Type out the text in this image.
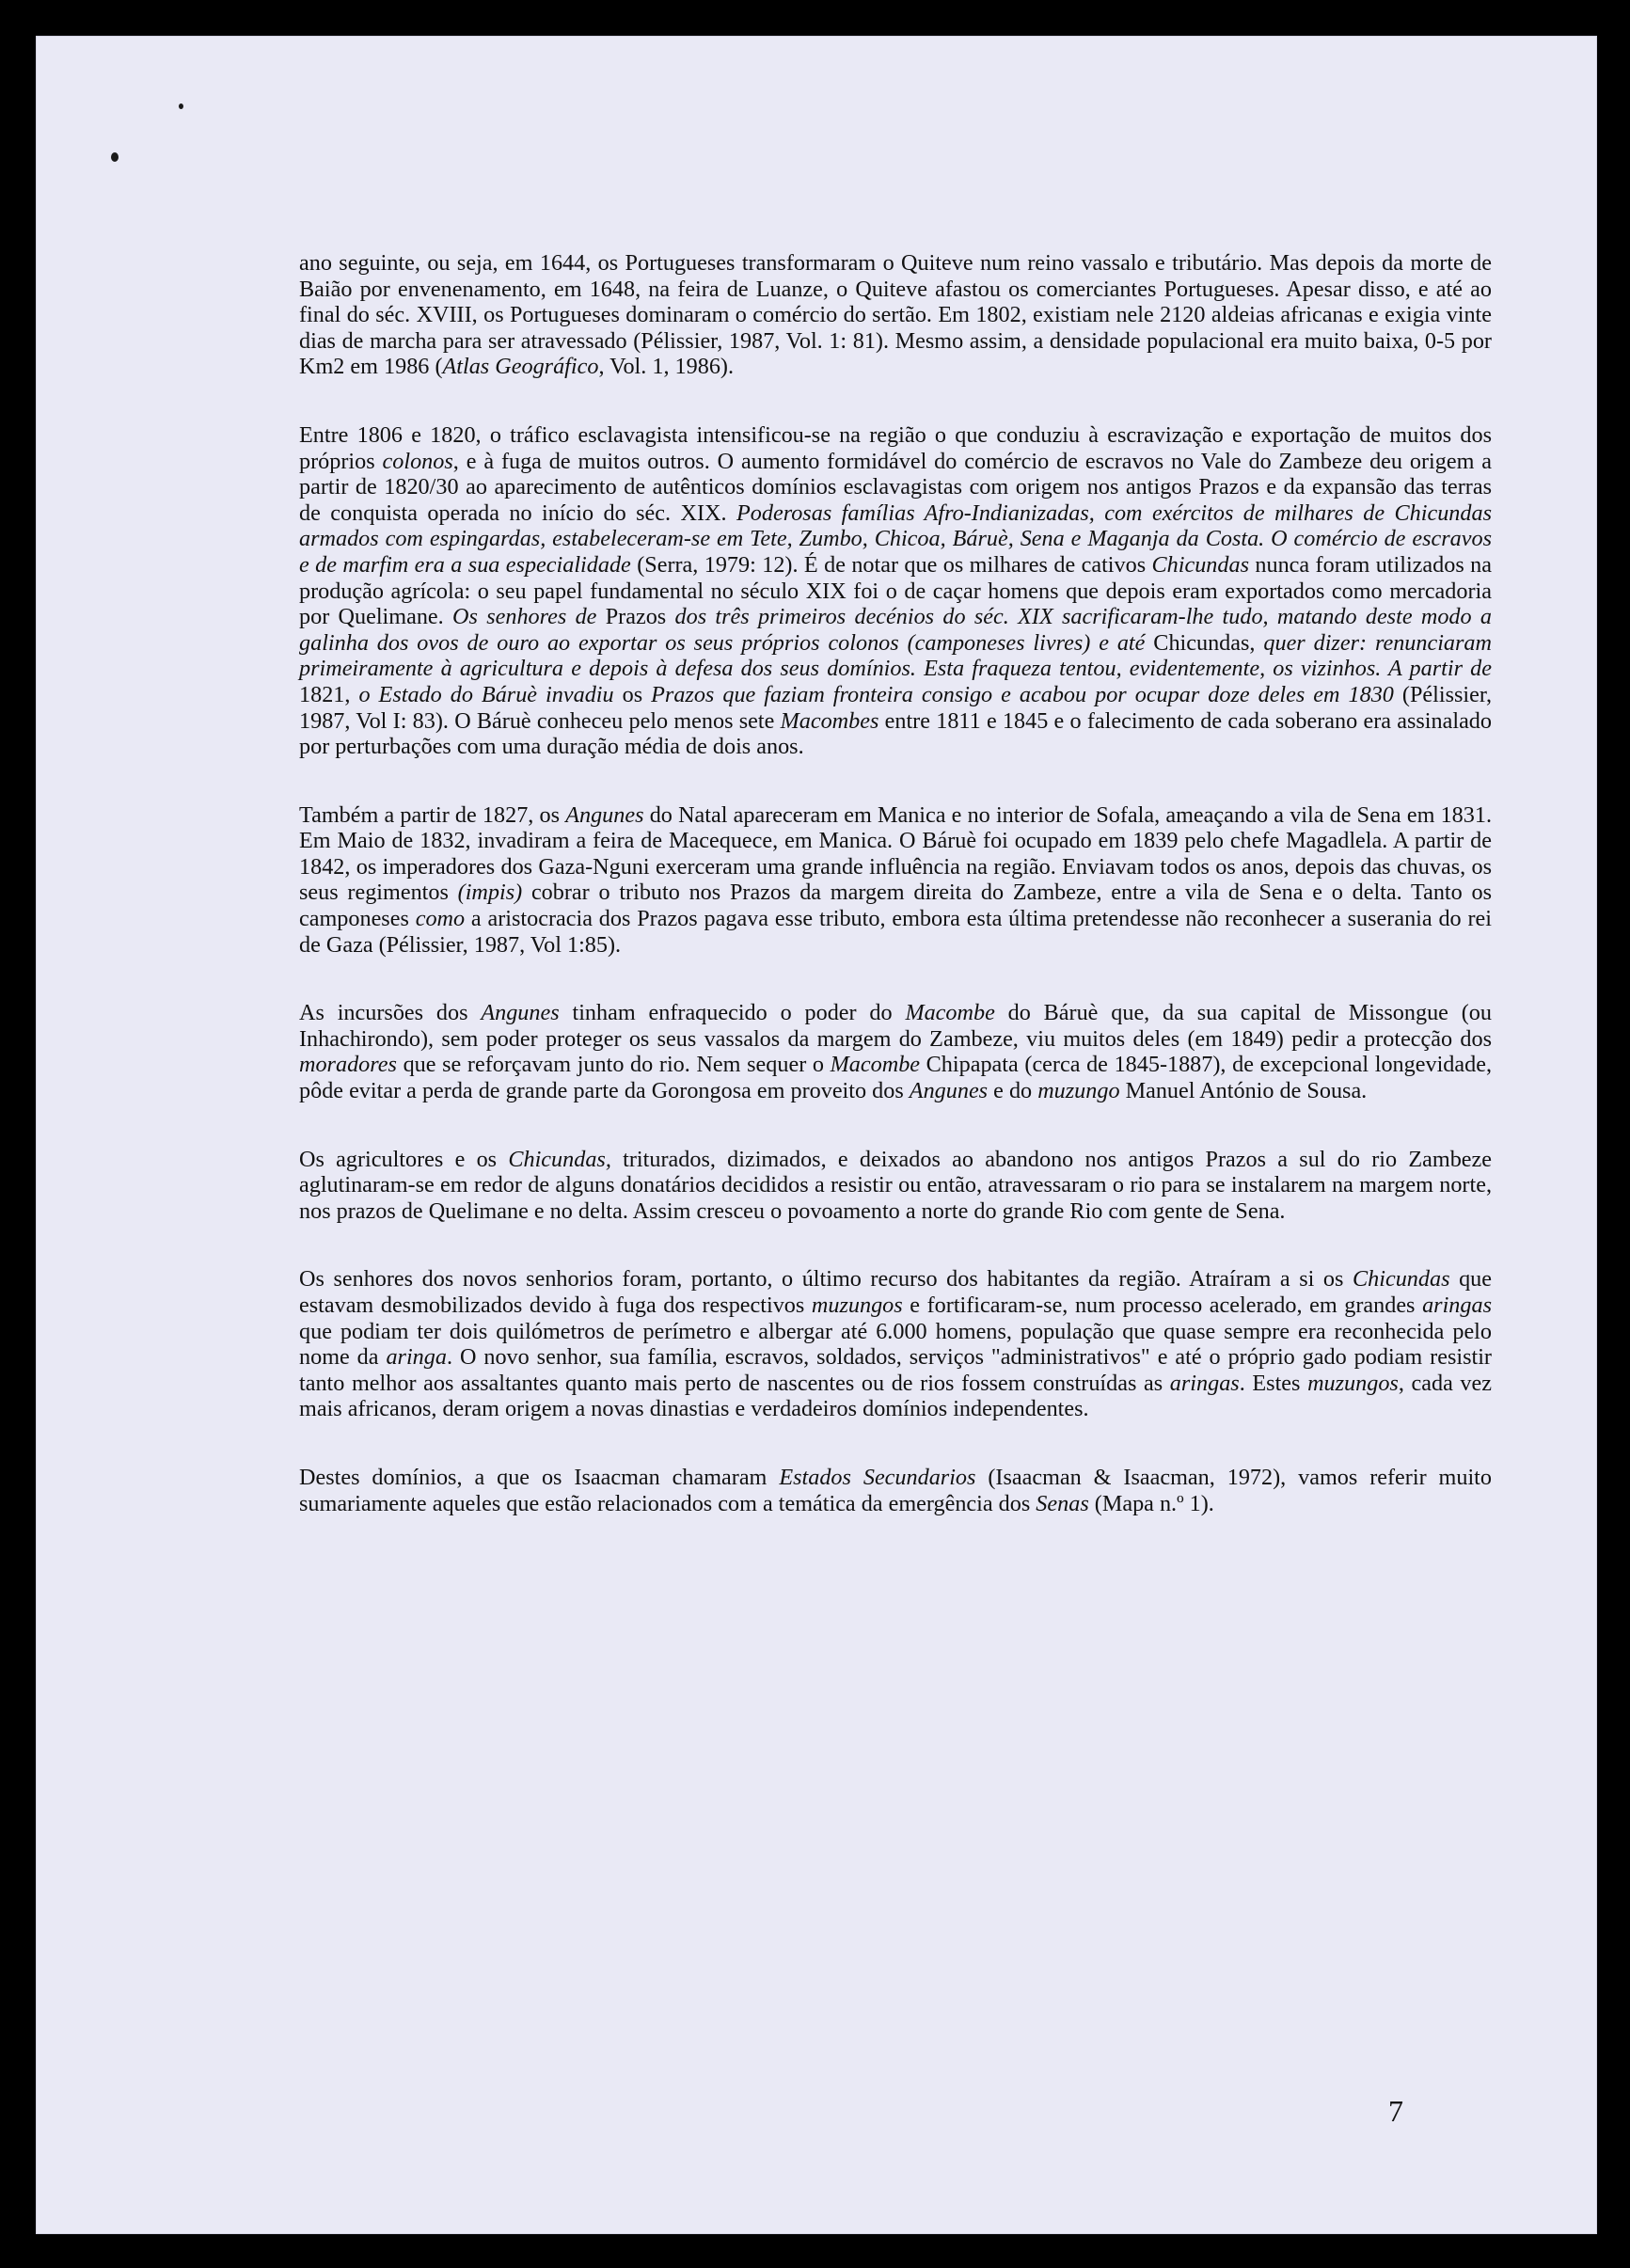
ano seguinte, ou seja, em 1644, os Portugueses transformaram o Quiteve num reino vassalo e tributário. Mas depois da morte de Baião por envenenamento, em 1648, na feira de Luanze, o Quiteve afastou os comerciantes Portugueses. Apesar disso, e até ao final do séc. XVIII, os Portugueses dominaram o comércio do sertão. Em 1802, existiam nele 2120 aldeias africanas e exigia vinte dias de marcha para ser atravessado (Pélissier, 1987, Vol. 1: 81). Mesmo assim, a densidade populacional era muito baixa, 0-5 por Km2 em 1986 (Atlas Geográfico, Vol. 1, 1986).

Entre 1806 e 1820, o tráfico esclavagista intensificou-se na região o que conduziu à escravização e exportação de muitos dos próprios colonos, e à fuga de muitos outros. O aumento formidável do comércio de escravos no Vale do Zambeze deu origem a partir de 1820/30 ao aparecimento de autênticos domínios esclavagistas com origem nos antigos Prazos e da expansão das terras de conquista operada no início do séc. XIX. Poderosas famílias Afro-Indianizadas, com exércitos de milhares de Chicundas armados com espingardas, estabeleceram-se em Tete, Zumbo, Chicoa, Báruè, Sena e Maganja da Costa. O comércio de escravos e de marfim era a sua especialidade (Serra, 1979: 12). É de notar que os milhares de cativos Chicundas nunca foram utilizados na produção agrícola: o seu papel fundamental no século XIX foi o de caçar homens que depois eram exportados como mercadoria por Quelimane. Os senhores de Prazos dos três primeiros decénios do séc. XIX sacrificaram-lhe tudo, matando deste modo a galinha dos ovos de ouro ao exportar os seus próprios colonos (camponeses livres) e até Chicundas, quer dizer: renunciaram primeiramente à agricultura e depois à defesa dos seus domínios. Esta fraqueza tentou, evidentemente, os vizinhos. A partir de 1821, o Estado do Báruè invadiu os Prazos que faziam fronteira consigo e acabou por ocupar doze deles em 1830 (Pélissier, 1987, Vol I: 83). O Báruè conheceu pelo menos sete Macombes entre 1811 e 1845 e o falecimento de cada soberano era assinalado por perturbações com uma duração média de dois anos.

Também a partir de 1827, os Angunes do Natal apareceram em Manica e no interior de Sofala, ameaçando a vila de Sena em 1831. Em Maio de 1832, invadiram a feira de Macequece, em Manica. O Báruè foi ocupado em 1839 pelo chefe Magadlela. A partir de 1842, os imperadores dos Gaza-Nguni exerceram uma grande influência na região. Enviavam todos os anos, depois das chuvas, os seus regimentos (impis) cobrar o tributo nos Prazos da margem direita do Zambeze, entre a vila de Sena e o delta. Tanto os camponeses como a aristocracia dos Prazos pagava esse tributo, embora esta última pretendesse não reconhecer a suserania do rei de Gaza (Pélissier, 1987, Vol 1:85).

As incursões dos Angunes tinham enfraquecido o poder do Macombe do Báruè que, da sua capital de Missongue (ou Inhachirondo), sem poder proteger os seus vassalos da margem do Zambeze, viu muitos deles (em 1849) pedir a protecção dos moradores que se reforçavam junto do rio. Nem sequer o Macombe Chipapata (cerca de 1845-1887), de excepcional longevidade, pôde evitar a perda de grande parte da Gorongosa em proveito dos Angunes e do muzungo Manuel António de Sousa.

Os agricultores e os Chicundas, triturados, dizimados, e deixados ao abandono nos antigos Prazos a sul do rio Zambeze aglutinaram-se em redor de alguns donatários decididos a resistir ou então, atravessaram o rio para se instalarem na margem norte, nos prazos de Quelimane e no delta. Assim cresceu o povoamento a norte do grande Rio com gente de Sena.

Os senhores dos novos senhorios foram, portanto, o último recurso dos habitantes da região. Atraíram a si os Chicundas que estavam desmobilizados devido à fuga dos respectivos muzungos e fortificaram-se, num processo acelerado, em grandes aringas que podiam ter dois quilómetros de perímetro e albergar até 6.000 homens, população que quase sempre era reconhecida pelo nome da aringa. O novo senhor, sua família, escravos, soldados, serviços "administrativos" e até o próprio gado podiam resistir tanto melhor aos assaltantes quanto mais perto de nascentes ou de rios fossem construídas as aringas. Estes muzungos, cada vez mais africanos, deram origem a novas dinastias e verdadeiros domínios independentes.

Destes domínios, a que os Isaacman chamaram Estados Secundarios (Isaacman & Isaacman, 1972), vamos referir muito sumariamente aqueles que estão relacionados com a temática da emergência dos Senas (Mapa n.º 1).

7
